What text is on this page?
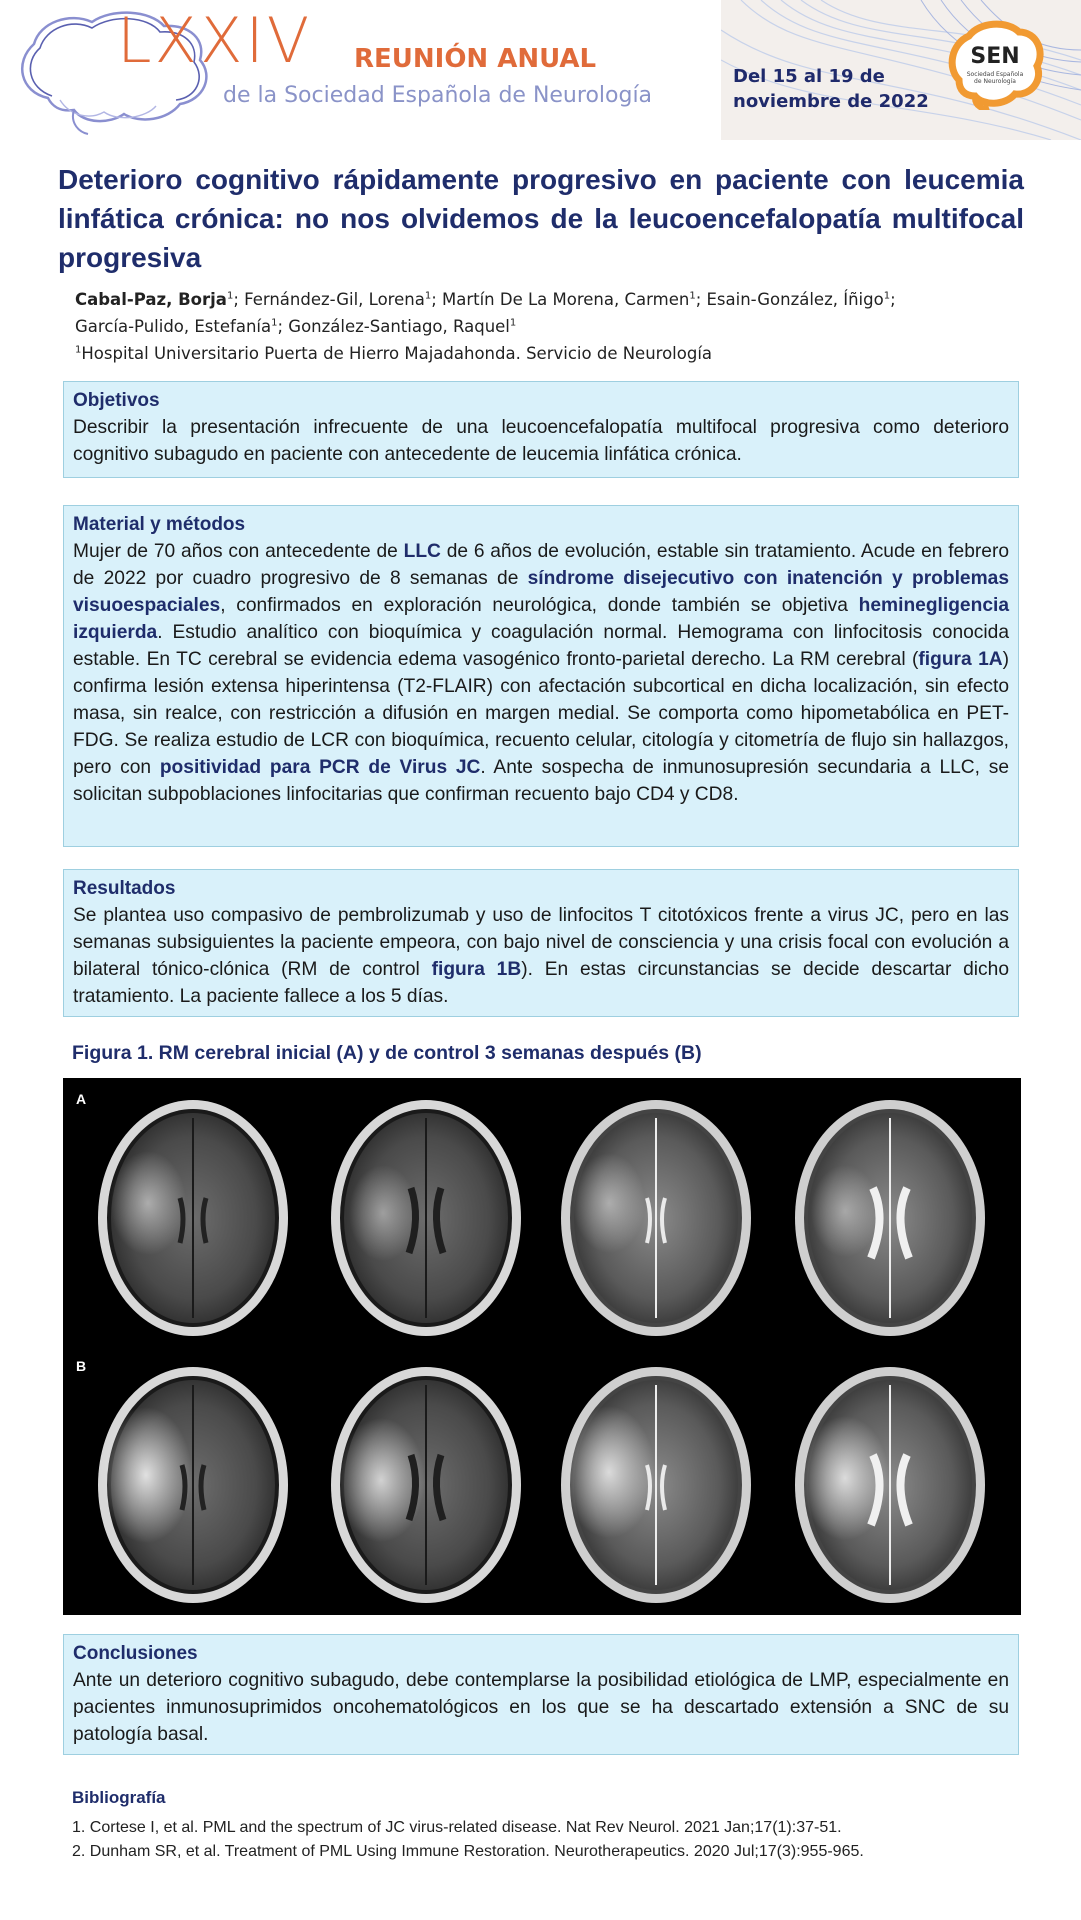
LXXIV REUNIÓN ANUAL
de la Sociedad Española de Neurología
Del 15 al 19 de
noviembre de 2022
SEN
Sociedad Española de Neurología
Deterioro cognitivo rápidamente progresivo en paciente con leucemia linfática crónica: no nos olvidemos de la leucoencefalopatía multifocal progresiva
Cabal-Paz, Borja$^1$; Fernández-Gil, Lorena$^1$; Martín De La Morena, Carmen$^1$; Esain-González, Íñigo$^1$;
García-Pulido, Estefanía$^1$; González-Santiago, Raquel$^1$
$^1$Hospital Universitario Puerta de Hierro Majadahonda. Servicio de Neurología
Objetivos
Describir la presentación infrecuente de una leucoencefalopatía multifocal progresiva como deterioro cognitivo subagudo en paciente con antecedente de leucemia linfática crónica.
Material y métodos
Mujer de 70 años con antecedente de LLC de 6 años de evolución, estable sin tratamiento. Acude en febrero de 2022 por cuadro progresivo de 8 semanas de síndrome disejecutivo con inatención y problemas visuoespaciales, confirmados en exploración neurológica, donde también se objetiva heminegligencia izquierda. Estudio analítico con bioquímica y coagulación normal. Hemograma con linfocitosis conocida estable. En TC cerebral se evidencia edema vasogénico fronto-parietal derecho. La RM cerebral (figura 1A) confirma lesión extensa hiperintensa (T2-FLAIR) con afectación subcortical en dicha localización, sin efecto masa, sin realce, con restricción a difusión en margen medial. Se comporta como hipometabólica en PET-FDG. Se realiza estudio de LCR con bioquímica, recuento celular, citología y citometría de flujo sin hallazgos, pero con positividad para PCR de Virus JC. Ante sospecha de inmunosupresión secundaria a LLC, se solicitan subpoblaciones linfocitarias que confirman recuento bajo CD4 y CD8.
Resultados
Se plantea uso compasivo de pembrolizumab y uso de linfocitos T citotóxicos frente a virus JC, pero en las semanas subsiguientes la paciente empeora, con bajo nivel de consciencia y una crisis focal con evolución a bilateral tónico-clónica (RM de control figura 1B). En estas circunstancias se decide descartar dicho tratamiento. La paciente fallece a los 5 días.
Figura 1. RM cerebral inicial (A) y de control 3 semanas después (B)
A
B
Conclusiones
Ante un deterioro cognitivo subagudo, debe contemplarse la posibilidad etiológica de LMP, especialmente en pacientes inmunosuprimidos oncohematológicos en los que se ha descartado extensión a SNC de su patología basal.
Bibliografía
1. Cortese I, et al. PML and the spectrum of JC virus-related disease. Nat Rev Neurol. 2021 Jan;17(1):37-51.
2. Dunham SR, et al. Treatment of PML Using Immune Restoration. Neurotherapeutics. 2020 Jul;17(3):955-965.
